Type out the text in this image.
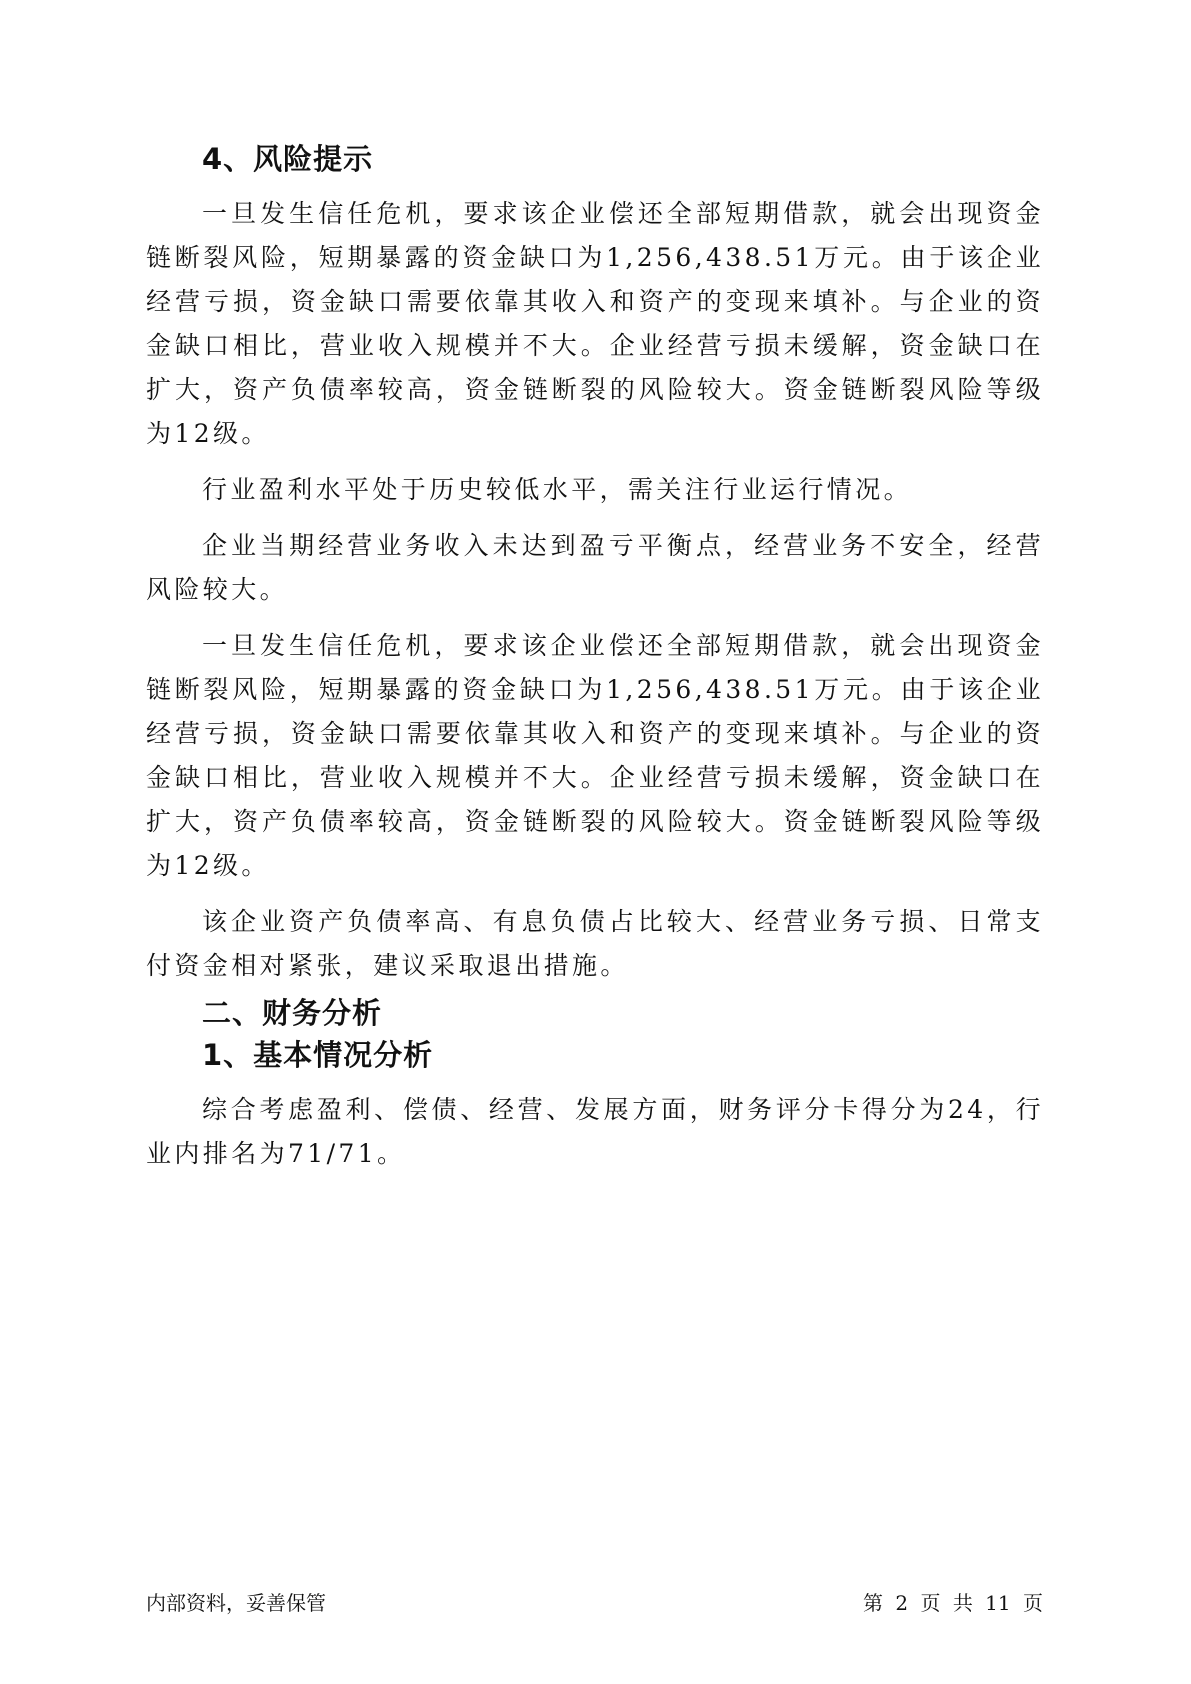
4、风险提示

一旦发生信任危机，要求该企业偿还全部短期借款，就会出现资金链断裂风险，短期暴露的资金缺口为1,256,438.51万元。由于该企业经营亏损，资金缺口需要依靠其收入和资产的变现来填补。与企业的资金缺口相比，营业收入规模并不大。企业经营亏损未缓解，资金缺口在扩大，资产负债率较高，资金链断裂的风险较大。资金链断裂风险等级为12级。

行业盈利水平处于历史较低水平，需关注行业运行情况。

企业当期经营业务收入未达到盈亏平衡点，经营业务不安全，经营风险较大。

一旦发生信任危机，要求该企业偿还全部短期借款，就会出现资金链断裂风险，短期暴露的资金缺口为1,256,438.51万元。由于该企业经营亏损，资金缺口需要依靠其收入和资产的变现来填补。与企业的资金缺口相比，营业收入规模并不大。企业经营亏损未缓解，资金缺口在扩大，资产负债率较高，资金链断裂的风险较大。资金链断裂风险等级为12级。

该企业资产负债率高、有息负债占比较大、经营业务亏损、日常支付资金相对紧张，建议采取退出措施。

二、财务分析
1、基本情况分析

综合考虑盈利、偿债、经营、发展方面，财务评分卡得分为24，行业内排名为71/71。

内部资料，妥善保管	第 2 页 共 11 页
